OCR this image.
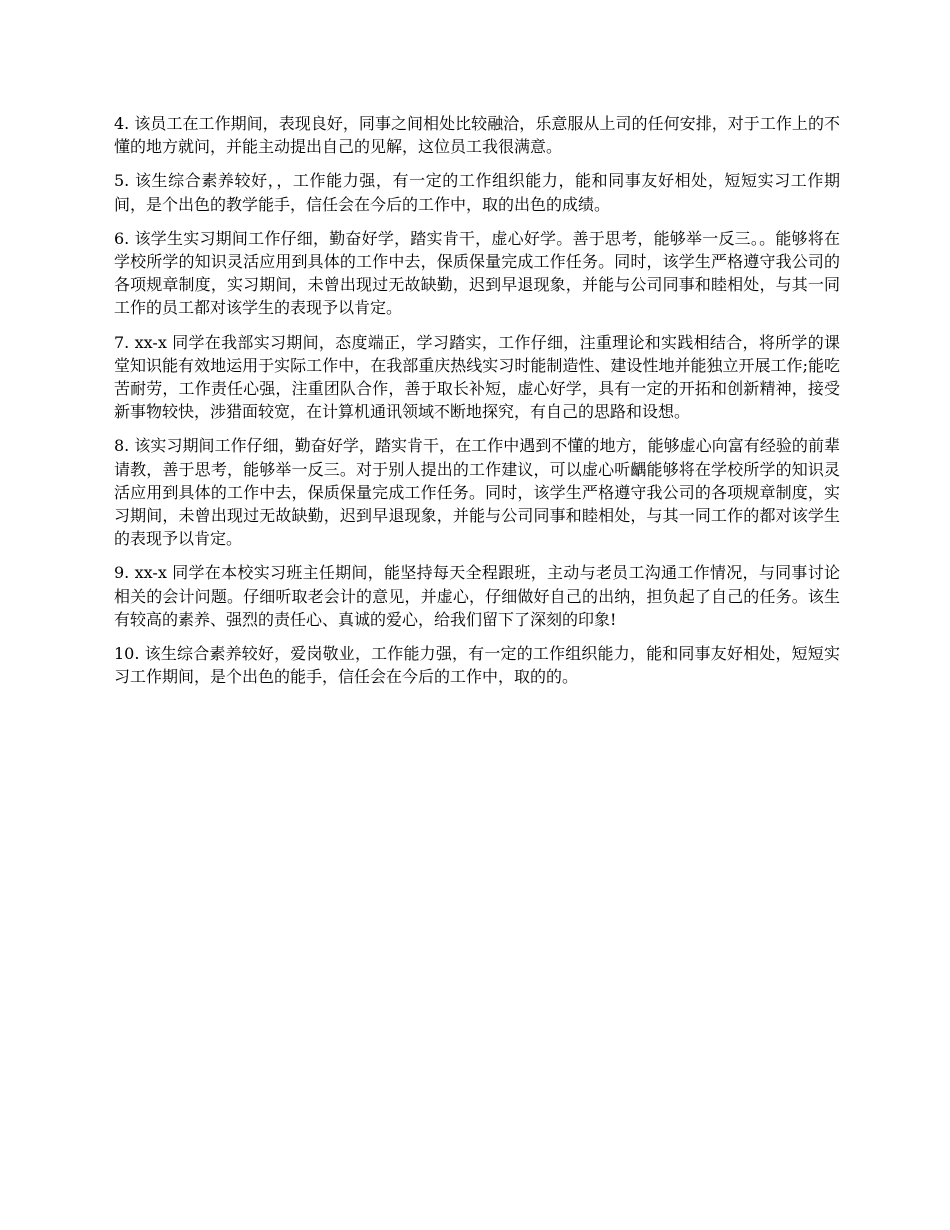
4. 该员工在工作期间，表现良好，同事之间相处比较融洽，乐意服从上司的任何安排，对于工作上的不懂的地方就问，并能主动提出自己的见解，这位员工我很满意。

5. 该生综合素养较好，，工作能力强，有一定的工作组织能力，能和同事友好相处，短短实习工作期间，是个出色的教学能手，信任会在今后的工作中，取的出色的成绩。

6. 该学生实习期间工作仔细，勤奋好学，踏实肯干，虚心好学。善于思考，能够举一反三。。能够将在学校所学的知识灵活应用到具体的工作中去，保质保量完成工作任务。同时，该学生严格遵守我公司的各项规章制度，实习期间，未曾出现过无故缺勤，迟到早退现象，并能与公司同事和睦相处，与其一同工作的员工都对该学生的表现予以肯定。

7. xx-x 同学在我部实习期间，态度端正，学习踏实，工作仔细，注重理论和实践相结合，将所学的课堂知识能有效地运用于实际工作中，在我部重庆热线实习时能制造性、建设性地并能独立开展工作;能吃苦耐劳，工作责任心强，注重团队合作，善于取长补短，虚心好学，具有一定的开拓和创新精神，接受新事物较快，涉猎面较宽，在计算机通讯领域不断地探究，有自己的思路和设想。

8. 该实习期间工作仔细，勤奋好学，踏实肯干，在工作中遇到不懂的地方，能够虚心向富有经验的前辈请教，善于思考，能够举一反三。对于别人提出的工作建议，可以虚心听齵能够将在学校所学的知识灵活应用到具体的工作中去，保质保量完成工作任务。同时，该学生严格遵守我公司的各项规章制度，实习期间，未曾出现过无故缺勤，迟到早退现象，并能与公司同事和睦相处，与其一同工作的都对该学生的表现予以肯定。

9. xx-x 同学在本校实习班主任期间，能坚持每天全程跟班，主动与老员工沟通工作情况，与同事讨论相关的会计问题。仔细听取老会计的意见，并虚心，仔细做好自己的出纳，担负起了自己的任务。该生有较高的素养、强烈的责任心、真诚的爱心，给我们留下了深刻的印象!

10. 该生综合素养较好，爱岗敬业，工作能力强，有一定的工作组织能力，能和同事友好相处，短短实习工作期间，是个出色的能手，信任会在今后的工作中，取的的。
